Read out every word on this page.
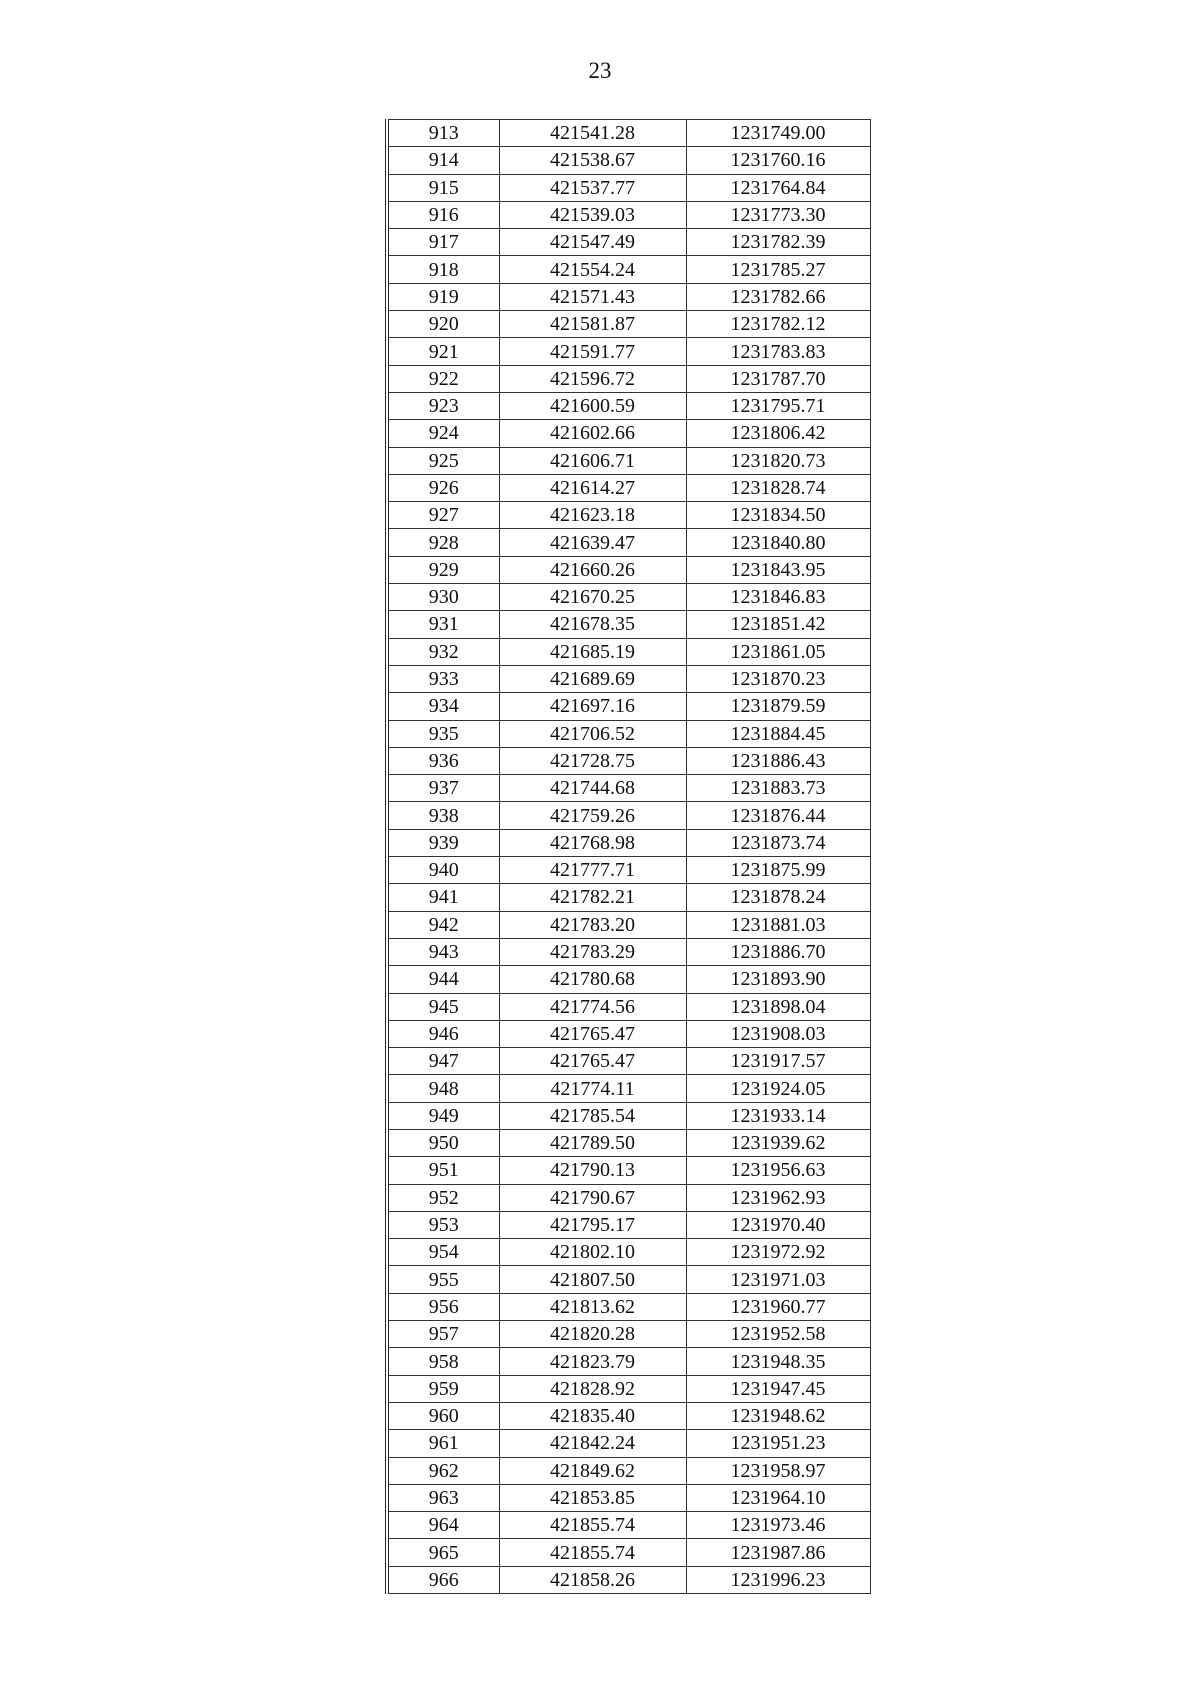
23
913	421541.28	1231749.00
914	421538.67	1231760.16
915	421537.77	1231764.84
916	421539.03	1231773.30
917	421547.49	1231782.39
918	421554.24	1231785.27
919	421571.43	1231782.66
920	421581.87	1231782.12
921	421591.77	1231783.83
922	421596.72	1231787.70
923	421600.59	1231795.71
924	421602.66	1231806.42
925	421606.71	1231820.73
926	421614.27	1231828.74
927	421623.18	1231834.50
928	421639.47	1231840.80
929	421660.26	1231843.95
930	421670.25	1231846.83
931	421678.35	1231851.42
932	421685.19	1231861.05
933	421689.69	1231870.23
934	421697.16	1231879.59
935	421706.52	1231884.45
936	421728.75	1231886.43
937	421744.68	1231883.73
938	421759.26	1231876.44
939	421768.98	1231873.74
940	421777.71	1231875.99
941	421782.21	1231878.24
942	421783.20	1231881.03
943	421783.29	1231886.70
944	421780.68	1231893.90
945	421774.56	1231898.04
946	421765.47	1231908.03
947	421765.47	1231917.57
948	421774.11	1231924.05
949	421785.54	1231933.14
950	421789.50	1231939.62
951	421790.13	1231956.63
952	421790.67	1231962.93
953	421795.17	1231970.40
954	421802.10	1231972.92
955	421807.50	1231971.03
956	421813.62	1231960.77
957	421820.28	1231952.58
958	421823.79	1231948.35
959	421828.92	1231947.45
960	421835.40	1231948.62
961	421842.24	1231951.23
962	421849.62	1231958.97
963	421853.85	1231964.10
964	421855.74	1231973.46
965	421855.74	1231987.86
966	421858.26	1231996.23
